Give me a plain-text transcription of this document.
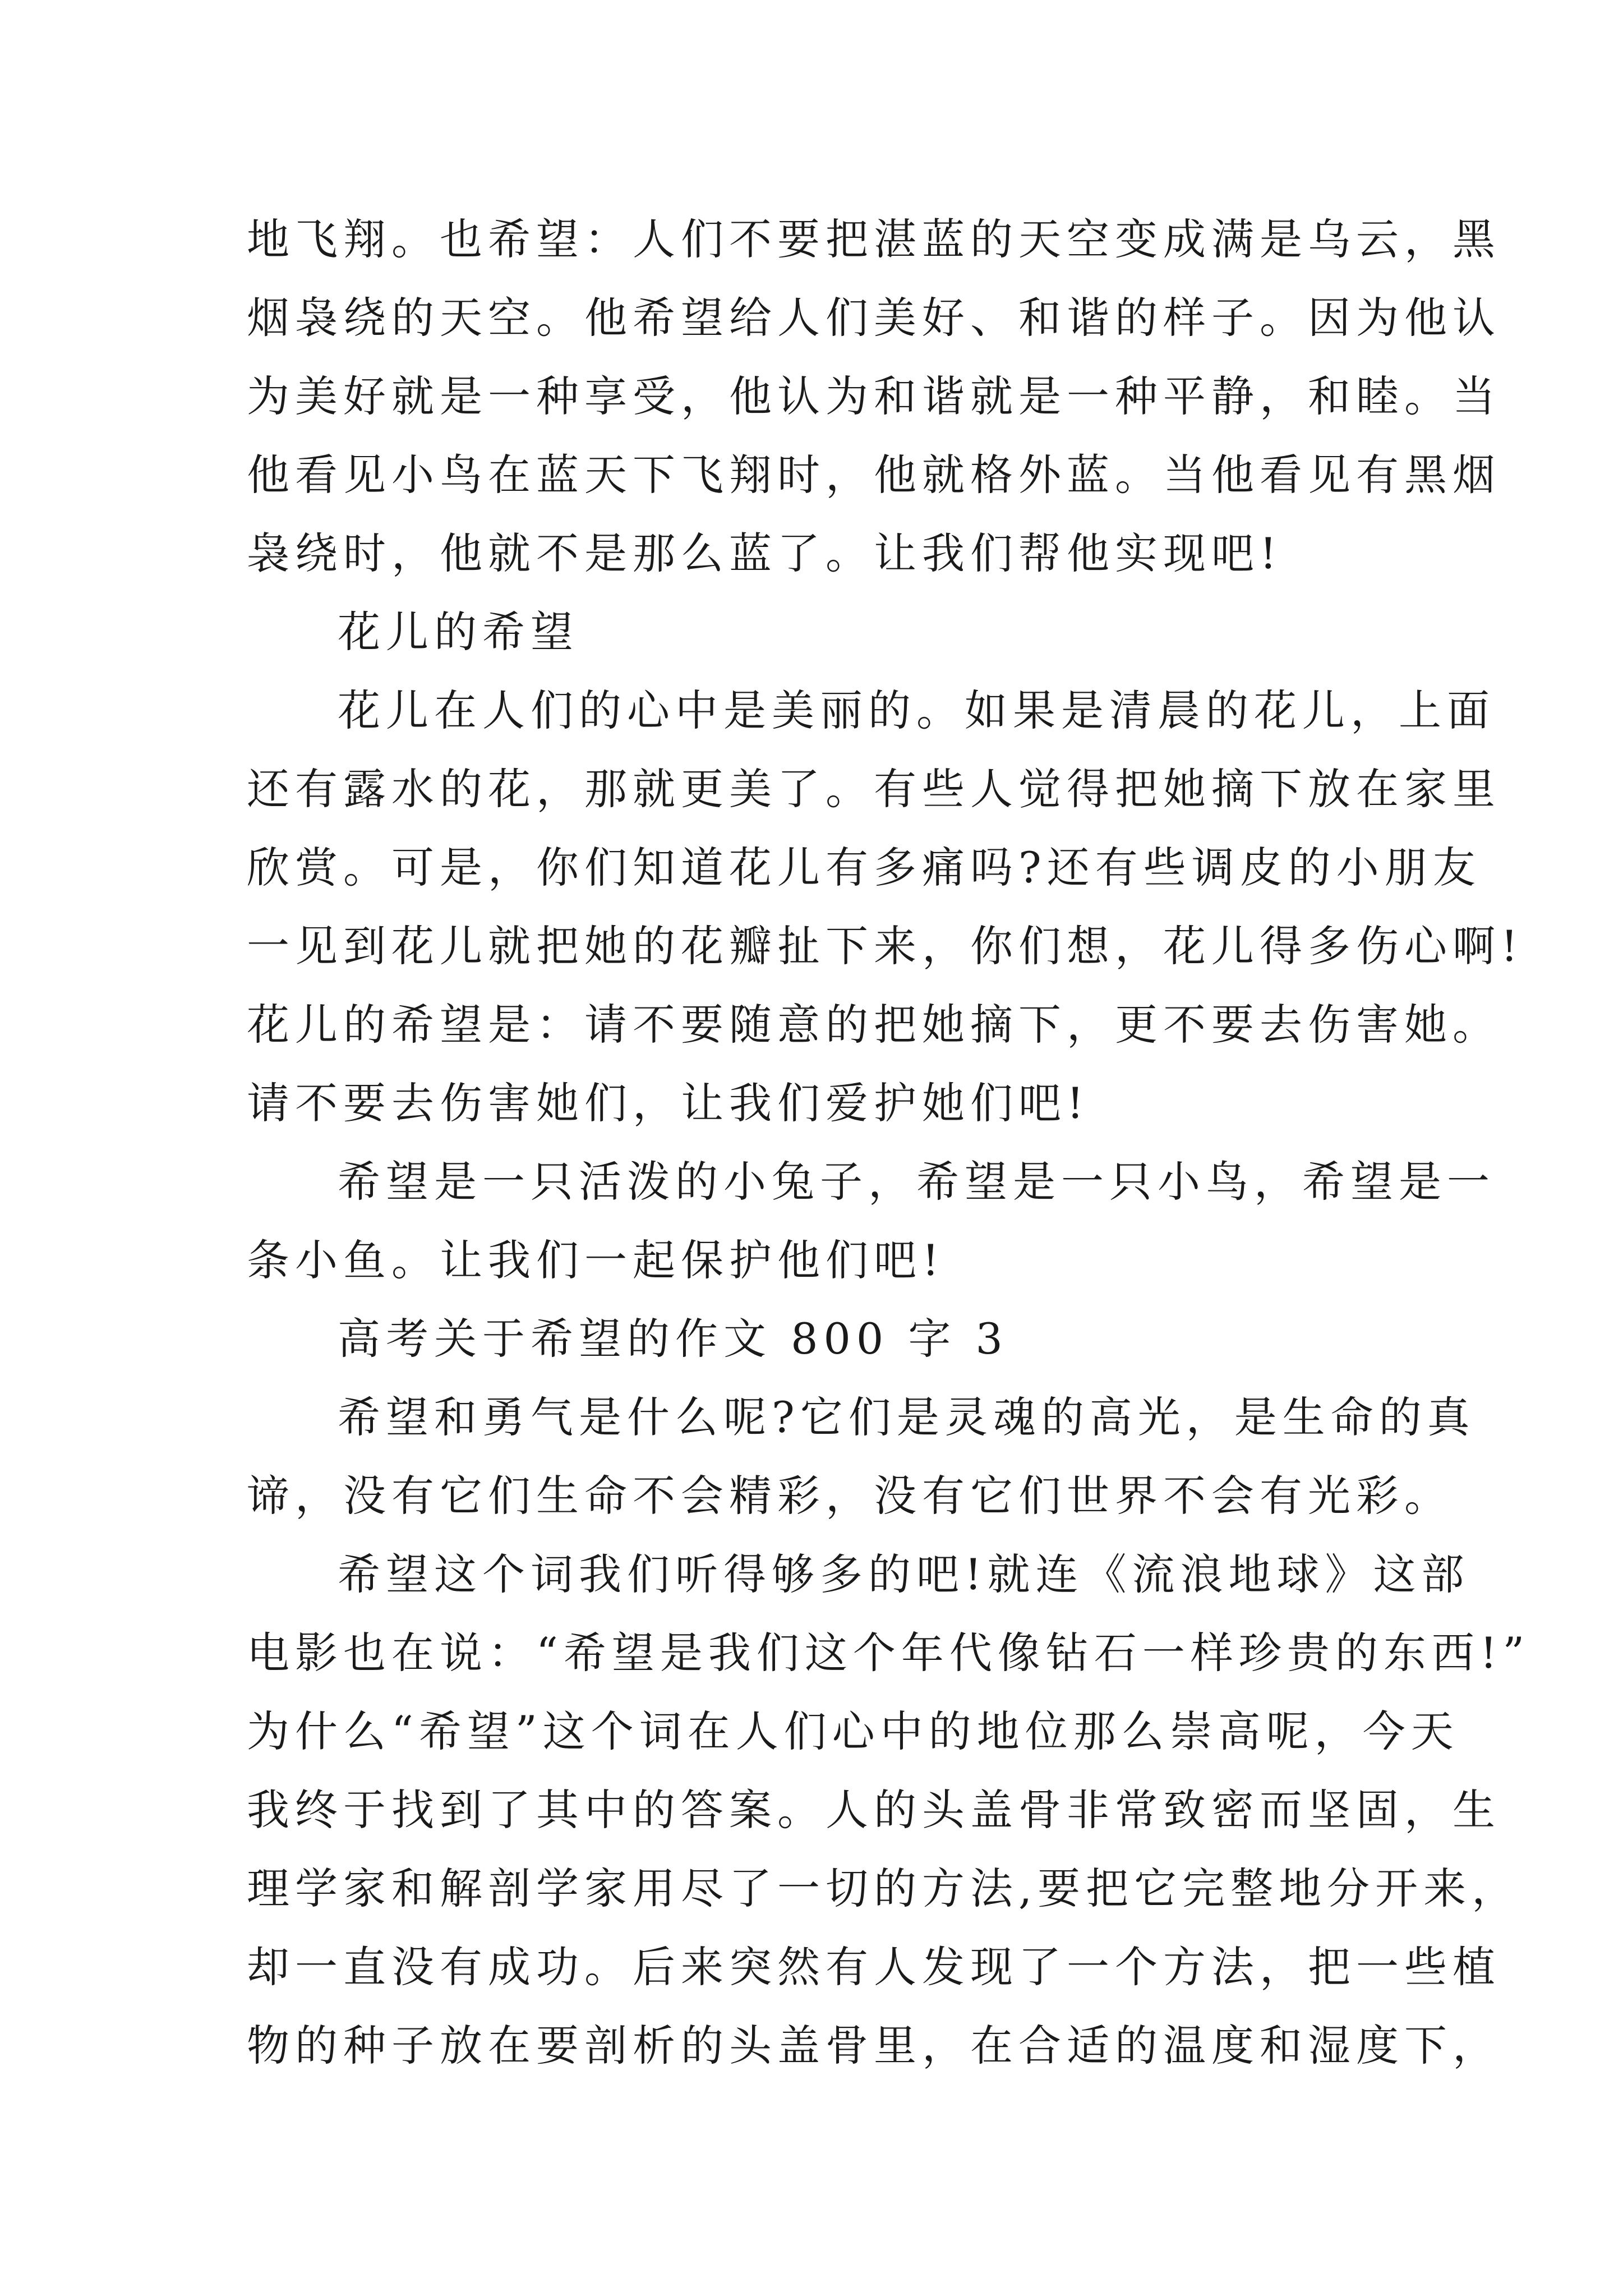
地飞翔。也希望：人们不要把湛蓝的天空变成满是乌云，黑
烟袅绕的天空。他希望给人们美好、和谐的样子。因为他认
为美好就是一种享受，他认为和谐就是一种平静，和睦。当
他看见小鸟在蓝天下飞翔时，他就格外蓝。当他看见有黑烟
袅绕时，他就不是那么蓝了。让我们帮他实现吧!
花儿的希望
花儿在人们的心中是美丽的。如果是清晨的花儿，上面
还有露水的花，那就更美了。有些人觉得把她摘下放在家里
欣赏。可是，你们知道花儿有多痛吗?还有些调皮的小朋友
一见到花儿就把她的花瓣扯下来，你们想，花儿得多伤心啊!
花儿的希望是：请不要随意的把她摘下，更不要去伤害她。
请不要去伤害她们，让我们爱护她们吧!
希望是一只活泼的小兔子，希望是一只小鸟，希望是一
条小鱼。让我们一起保护他们吧!
高考关于希望的作文 800 字 3
希望和勇气是什么呢?它们是灵魂的高光，是生命的真
谛，没有它们生命不会精彩，没有它们世界不会有光彩。
希望这个词我们听得够多的吧!就连《流浪地球》这部
电影也在说：“希望是我们这个年代像钻石一样珍贵的东西!”
为什么“希望”这个词在人们心中的地位那么崇高呢，今天
我终于找到了其中的答案。人的头盖骨非常致密而坚固，生
理学家和解剖学家用尽了一切的方法,要把它完整地分开来，
却一直没有成功。后来突然有人发现了一个方法，把一些植
物的种子放在要剖析的头盖骨里，在合适的温度和湿度下，
